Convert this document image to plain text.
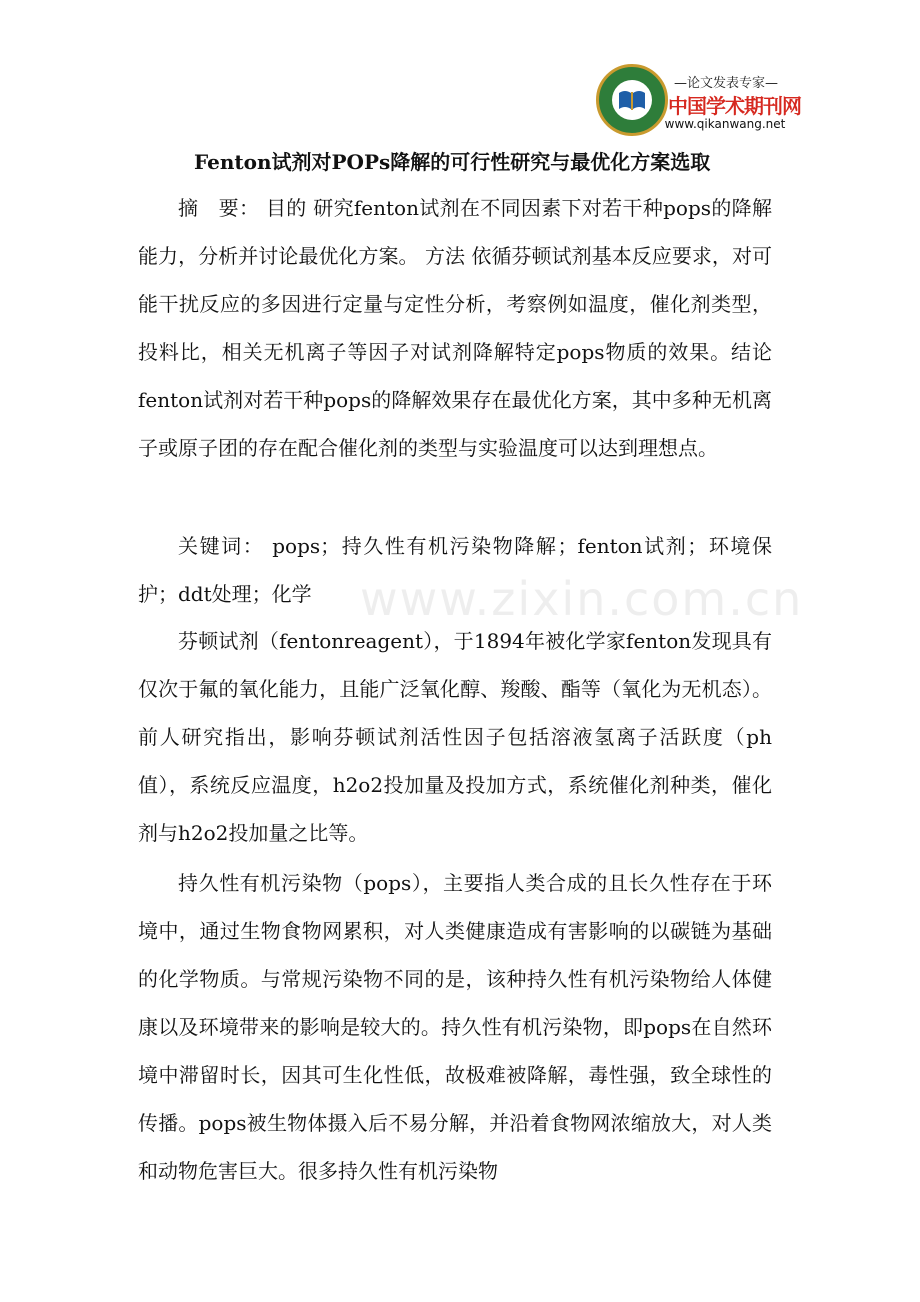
—论文发表专家—
中国学术期刊网
www.qikanwang.net
www.zixin.com.cn
Fenton试剂对POPs降解的可行性研究与最优化方案选取

摘　要： 目的 研究fenton试剂在不同因素下对若干种pops的降解能力，分析并讨论最优化方案。 方法 依循芬顿试剂基本反应要求，对可能干扰反应的多因进行定量与定性分析，考察例如温度，催化剂类型，投料比，相关无机离子等因子对试剂降解特定pops物质的效果。结论fenton试剂对若干种pops的降解效果存在最优化方案，其中多种无机离子或原子团的存在配合催化剂的类型与实验温度可以达到理想点。

关键词： pops；持久性有机污染物降解；fenton试剂；环境保护；ddt处理；化学

芬顿试剂（fentonreagent），于1894年被化学家fenton发现具有仅次于氟的氧化能力，且能广泛氧化醇、羧酸、酯等（氧化为无机态）。前人研究指出，影响芬顿试剂活性因子包括溶液氢离子活跃度（ph值），系统反应温度，h2o2投加量及投加方式，系统催化剂种类，催化剂与h2o2投加量之比等。

持久性有机污染物（pops），主要指人类合成的且长久性存在于环境中，通过生物食物网累积，对人类健康造成有害影响的以碳链为基础的化学物质。与常规污染物不同的是，该种持久性有机污染物给人体健康以及环境带来的影响是较大的。持久性有机污染物，即pops在自然环境中滞留时长，因其可生化性低，故极难被降解，毒性强，致全球性的传播。pops被生物体摄入后不易分解，并沿着食物网浓缩放大，对人类和动物危害巨大。很多持久性有机污染物
